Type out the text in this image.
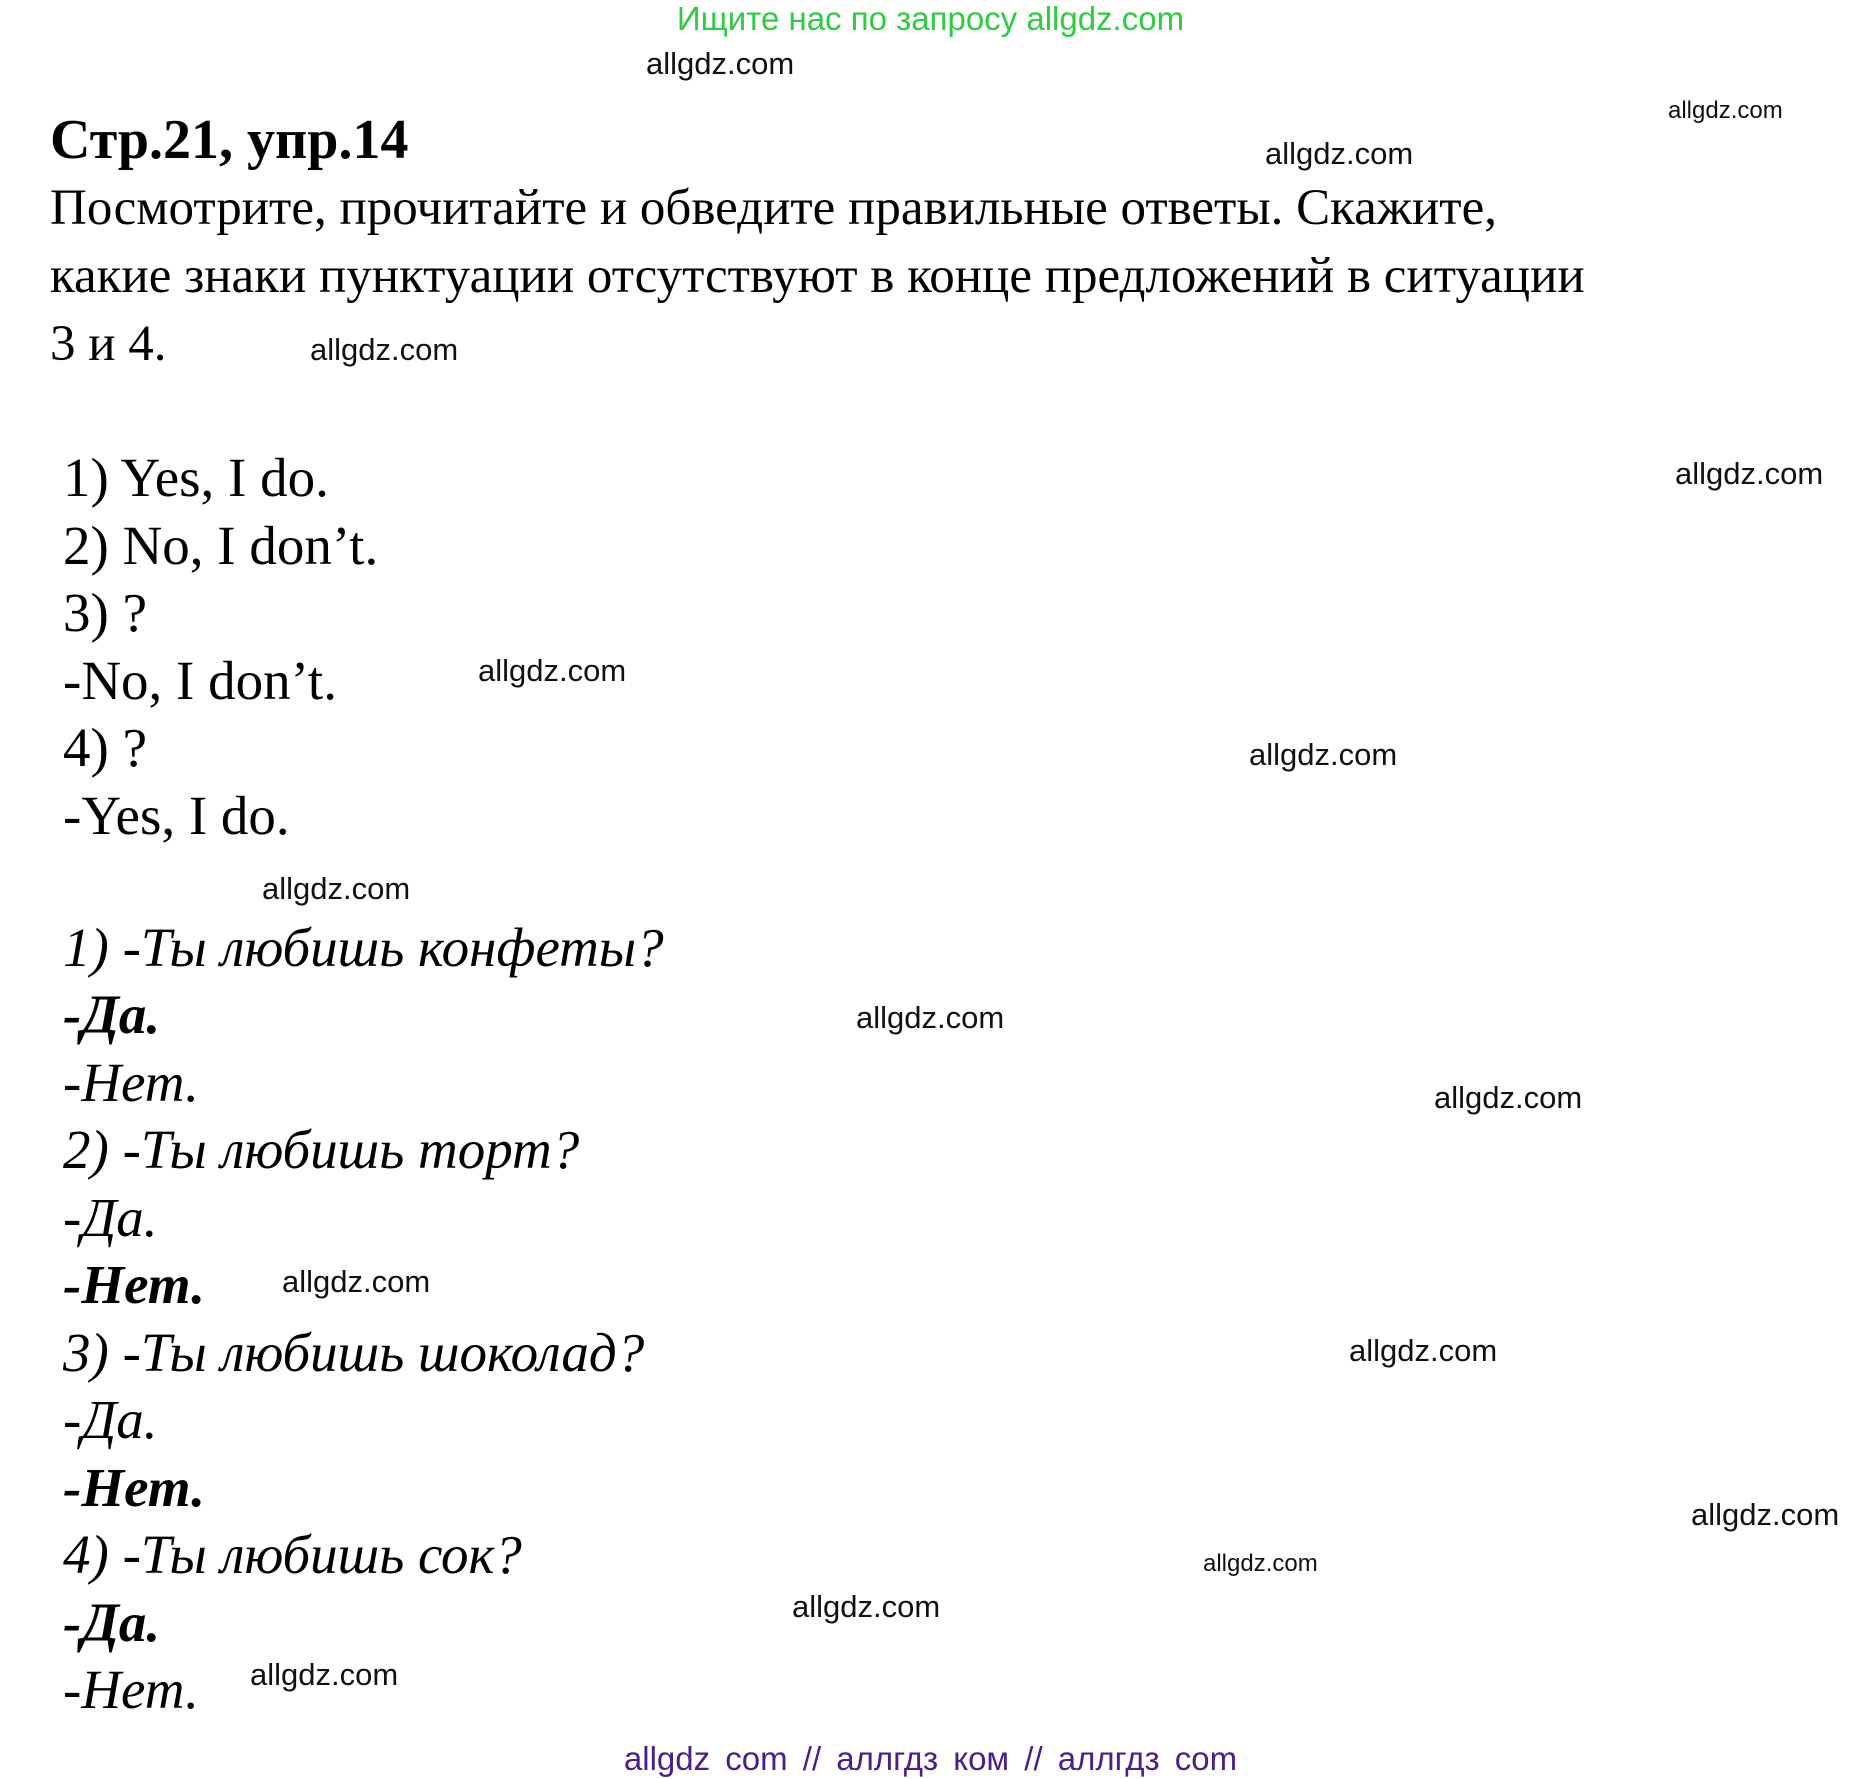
Ищите нас по запросу allgdz.com
Стр.21, упр.14
Посмотрите, прочитайте и обведите правильные ответы. Скажите,
какие знаки пунктуации отсутствуют в конце предложений в ситуации
3 и 4.
1) Yes, I do.
2) No, I don’t.
3) ?
-No, I don’t.
4) ?
-Yes, I do.
1) -Ты любишь конфеты?
-Да.
-Нет.
2) -Ты любишь торт?
-Да.
-Нет.
3) -Ты любишь шоколад?
-Да.
-Нет.
4) -Ты любишь сок?
-Да.
-Нет.
allgdz.com
allgdz.com
allgdz.com
allgdz.com
allgdz.com
allgdz.com
allgdz.com
allgdz.com
allgdz.com
allgdz.com
allgdz.com
allgdz.com
allgdz.com
allgdz.com
allgdz.com
allgdz.com
allgdz com // аллгдз ком // аллгдз com
